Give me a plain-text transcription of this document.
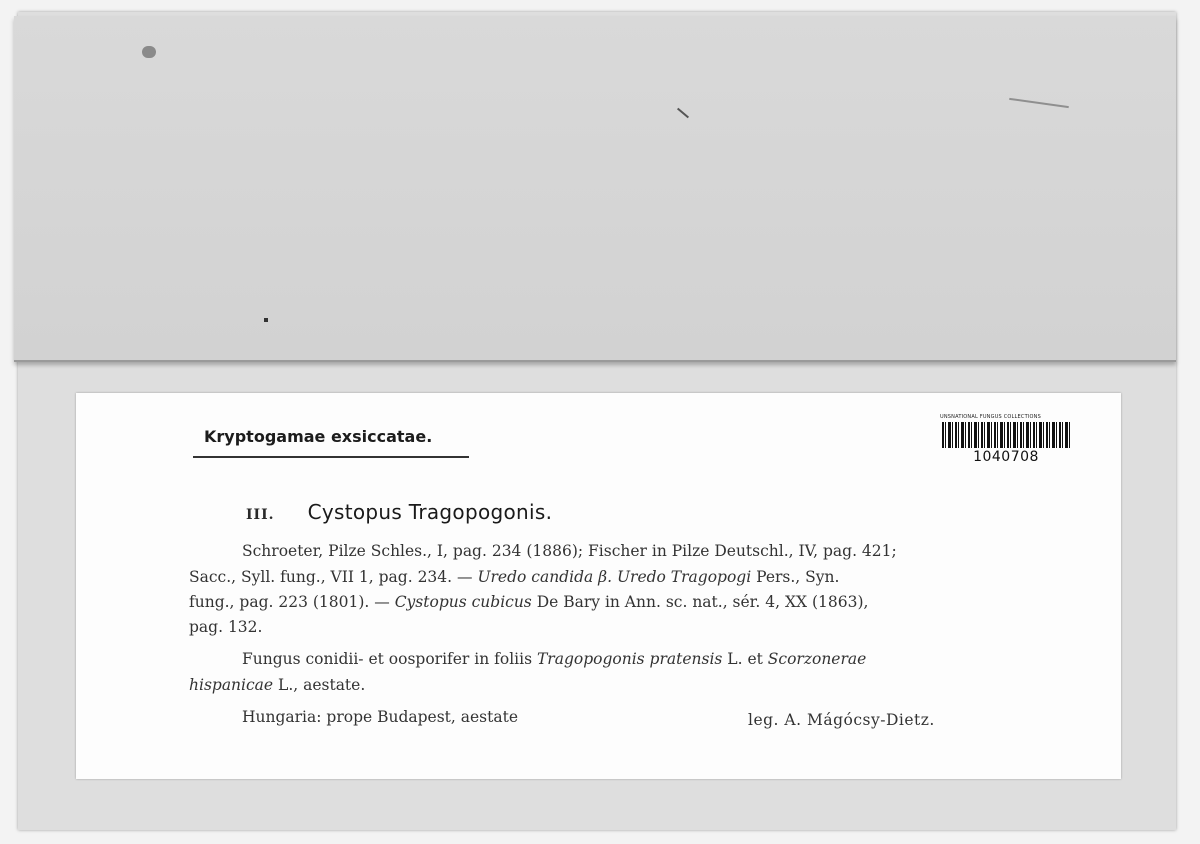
Kryptogamae exsiccatae.
UNSNATIONAL FUNGUS COLLECTIONS
1040708
III. Cystopus Tragopogonis.
Schroeter, Pilze Schles., I, pag. 234 (1886); Fischer in Pilze Deutschl., IV, pag. 421;
Sacc., Syll. fung., VII 1, pag. 234. — Uredo candida β. Uredo Tragopogi Pers., Syn.
fung., pag. 223 (1801). — Cystopus cubicus De Bary in Ann. sc. nat., sér. 4, XX (1863),
pag. 132.
Fungus conidii- et oosporifer in foliis Tragopogonis pratensis L. et Scorzonerae
hispanicae L., aestate.
Hungaria: prope Budapest, aestate	leg. A. Mágócsy-Dietz.
